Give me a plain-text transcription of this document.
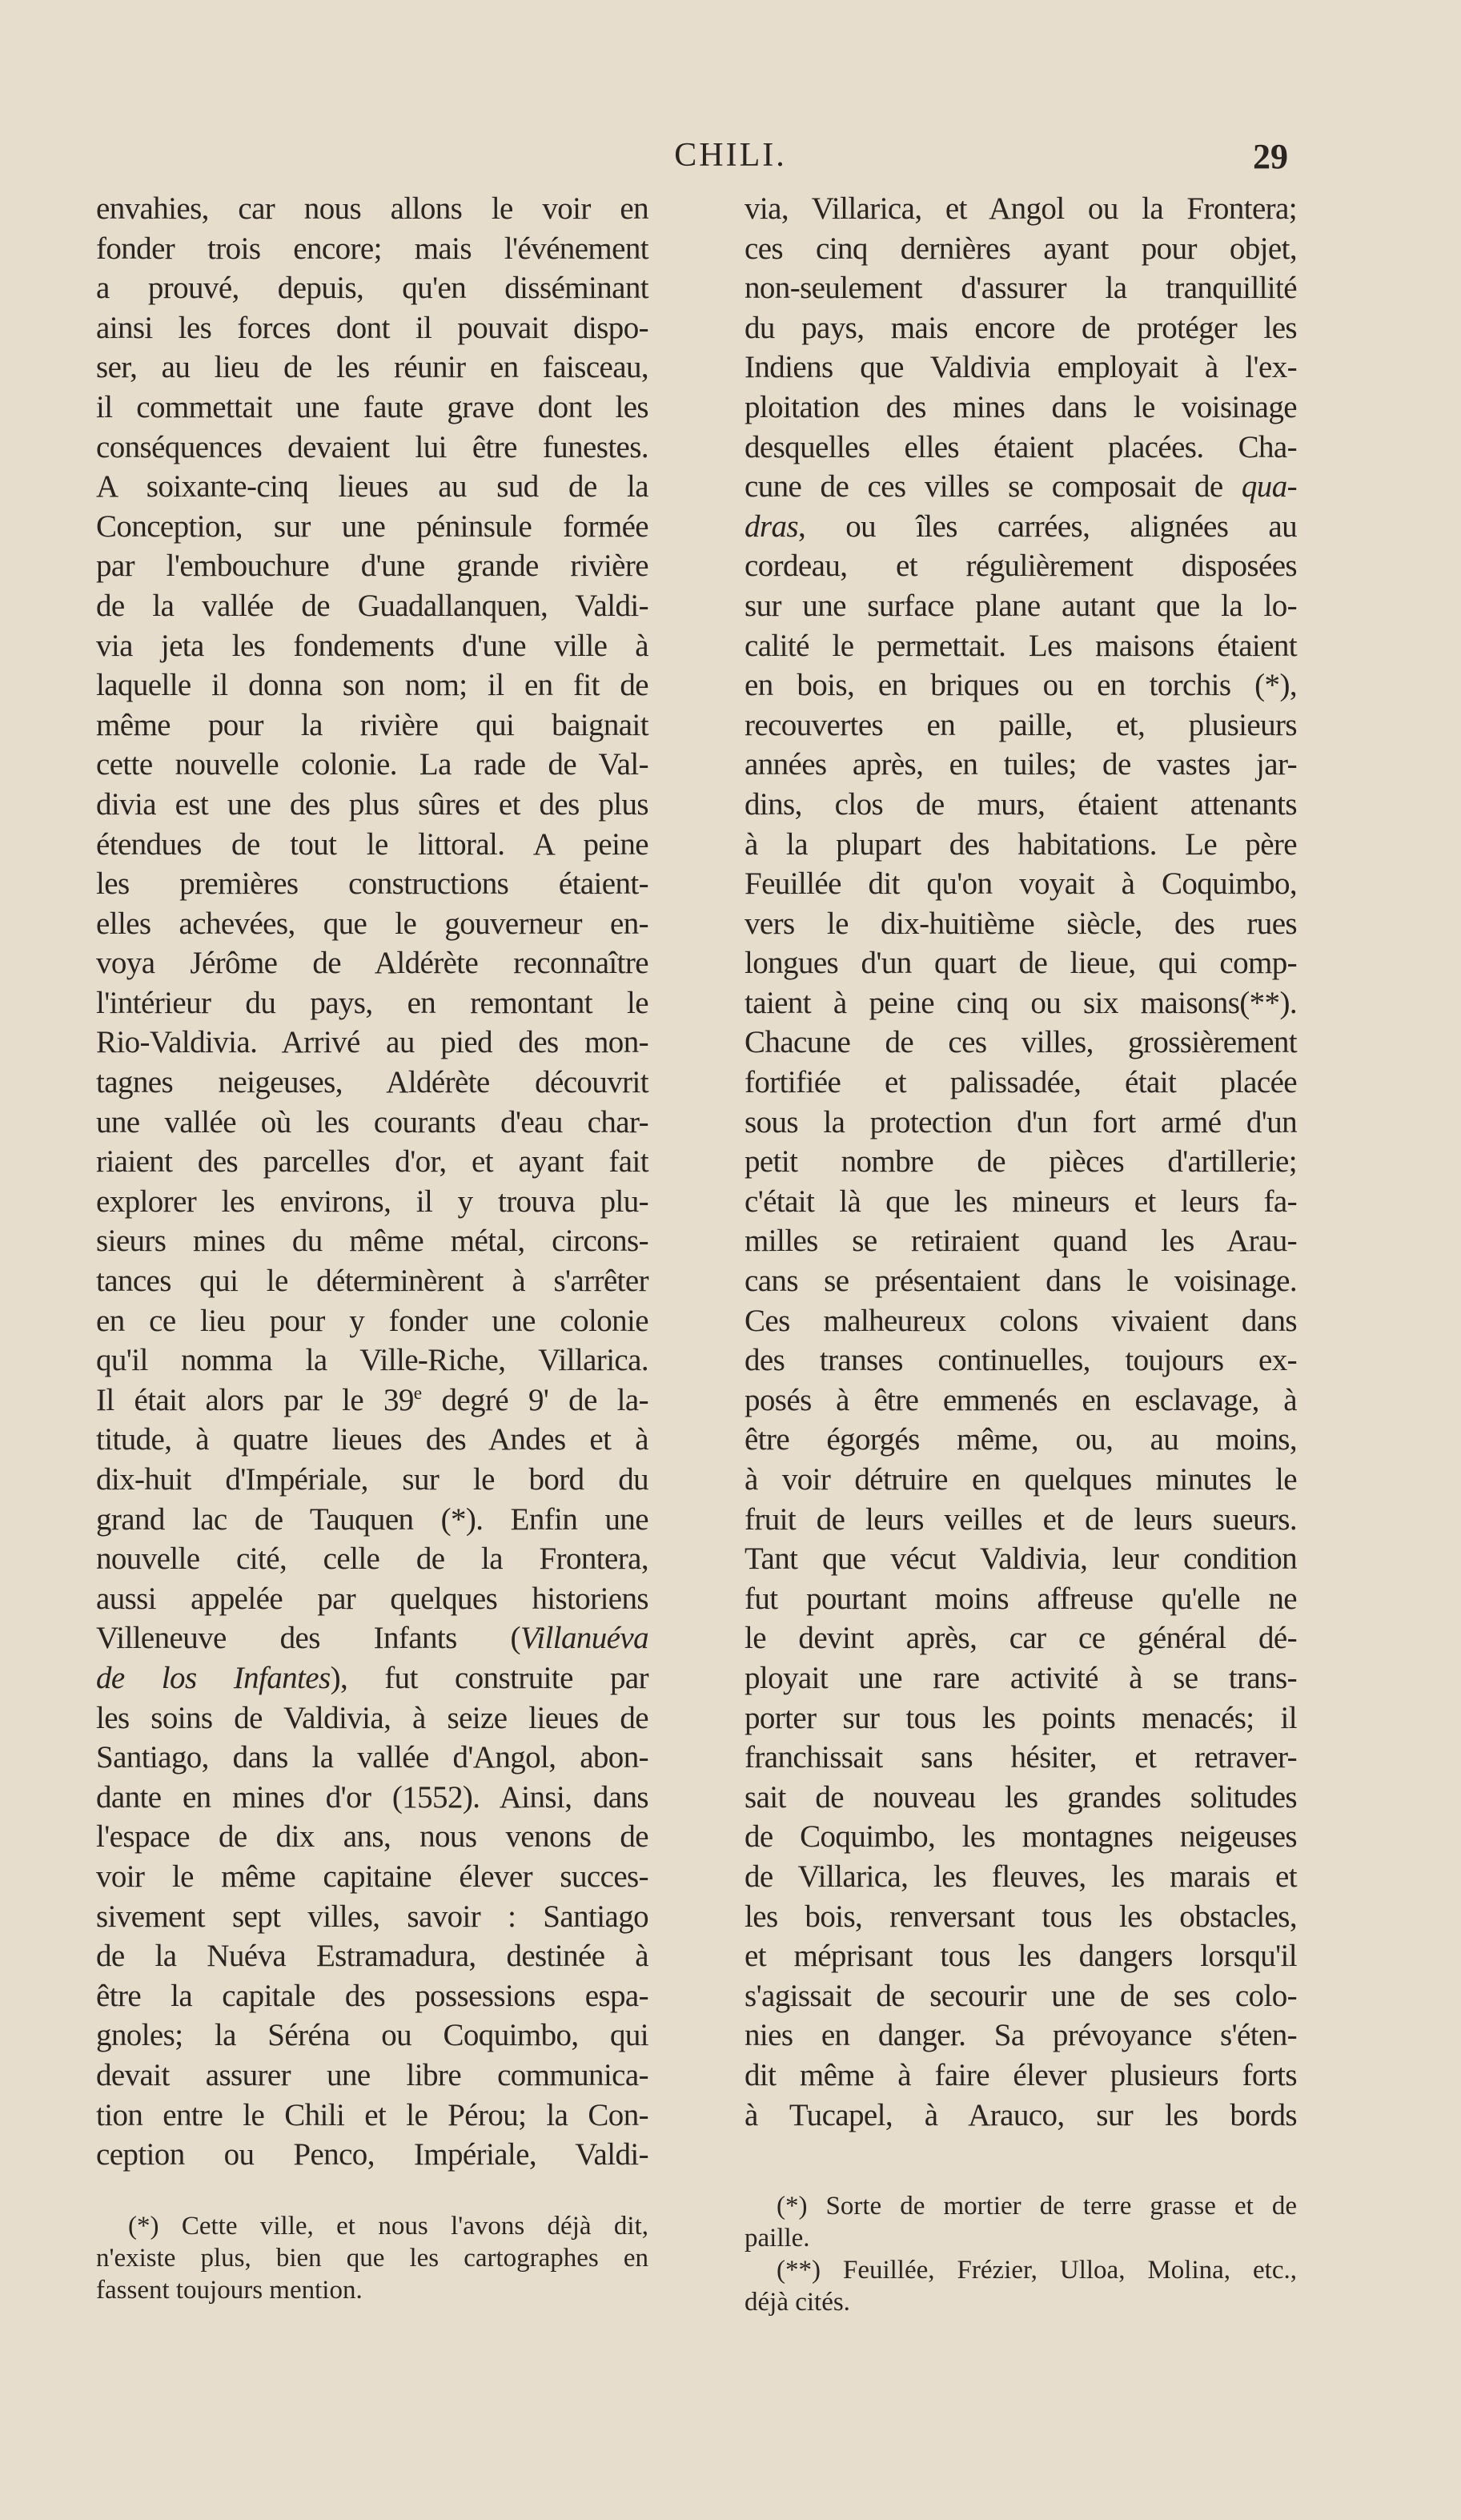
CHILI.	29
envahies, car nous allons le voir en
fonder trois encore; mais l'événement
a prouvé, depuis, qu'en disséminant
ainsi les forces dont il pouvait dispo-
ser, au lieu de les réunir en faisceau,
il commettait une faute grave dont les
conséquences devaient lui être funestes.
A soixante-cinq lieues au sud de la
Conception, sur une péninsule formée
par l'embouchure d'une grande rivière
de la vallée de Guadallanquen, Valdi-
via jeta les fondements d'une ville à
laquelle il donna son nom; il en fit de
même pour la rivière qui baignait
cette nouvelle colonie. La rade de Val-
divia est une des plus sûres et des plus
étendues de tout le littoral. A peine
les premières constructions étaient-
elles achevées, que le gouverneur en-
voya Jérôme de Aldérète reconnaître
l'intérieur du pays, en remontant le
Rio-Valdivia. Arrivé au pied des mon-
tagnes neigeuses, Aldérète découvrit
une vallée où les courants d'eau char-
riaient des parcelles d'or, et ayant fait
explorer les environs, il y trouva plu-
sieurs mines du même métal, circons-
tances qui le déterminèrent à s'arrêter
en ce lieu pour y fonder une colonie
qu'il nomma la Ville-Riche, Villarica.
Il était alors par le 39e degré 9' de la-
titude, à quatre lieues des Andes et à
dix-huit d'Impériale, sur le bord du
grand lac de Tauquen (*). Enfin une
nouvelle cité, celle de la Frontera,
aussi appelée par quelques historiens
Villeneuve des Infants (Villanuéva
de los Infantes), fut construite par
les soins de Valdivia, à seize lieues de
Santiago, dans la vallée d'Angol, abon-
dante en mines d'or (1552). Ainsi, dans
l'espace de dix ans, nous venons de
voir le même capitaine élever succes-
sivement sept villes, savoir : Santiago
de la Nuéva Estramadura, destinée à
être la capitale des possessions espa-
gnoles; la Séréna ou Coquimbo, qui
devait assurer une libre communica-
tion entre le Chili et le Pérou; la Con-
ception ou Penco, Impériale, Valdi-
via, Villarica, et Angol ou la Frontera;
ces cinq dernières ayant pour objet,
non-seulement d'assurer la tranquillité
du pays, mais encore de protéger les
Indiens que Valdivia employait à l'ex-
ploitation des mines dans le voisinage
desquelles elles étaient placées. Cha-
cune de ces villes se composait de qua-
dras, ou îles carrées, alignées au
cordeau, et régulièrement disposées
sur une surface plane autant que la lo-
calité le permettait. Les maisons étaient
en bois, en briques ou en torchis (*),
recouvertes en paille, et, plusieurs
années après, en tuiles; de vastes jar-
dins, clos de murs, étaient attenants
à la plupart des habitations. Le père
Feuillée dit qu'on voyait à Coquimbo,
vers le dix-huitième siècle, des rues
longues d'un quart de lieue, qui comp-
taient à peine cinq ou six maisons(**).
Chacune de ces villes, grossièrement
fortifiée et palissadée, était placée
sous la protection d'un fort armé d'un
petit nombre de pièces d'artillerie;
c'était là que les mineurs et leurs fa-
milles se retiraient quand les Arau-
cans se présentaient dans le voisinage.
Ces malheureux colons vivaient dans
des transes continuelles, toujours ex-
posés à être emmenés en esclavage, à
être égorgés même, ou, au moins,
à voir détruire en quelques minutes le
fruit de leurs veilles et de leurs sueurs.
Tant que vécut Valdivia, leur condition
fut pourtant moins affreuse qu'elle ne
le devint après, car ce général dé-
ployait une rare activité à se trans-
porter sur tous les points menacés; il
franchissait sans hésiter, et retraver-
sait de nouveau les grandes solitudes
de Coquimbo, les montagnes neigeuses
de Villarica, les fleuves, les marais et
les bois, renversant tous les obstacles,
et méprisant tous les dangers lorsqu'il
s'agissait de secourir une de ses colo-
nies en danger. Sa prévoyance s'éten-
dit même à faire élever plusieurs forts
à Tucapel, à Arauco, sur les bords
(*) Cette ville, et nous l'avons déjà dit,
n'existe plus, bien que les cartographes en
fassent toujours mention.
(*) Sorte de mortier de terre grasse et de
paille.
(**) Feuillée, Frézier, Ulloa, Molina, etc.,
déjà cités.
